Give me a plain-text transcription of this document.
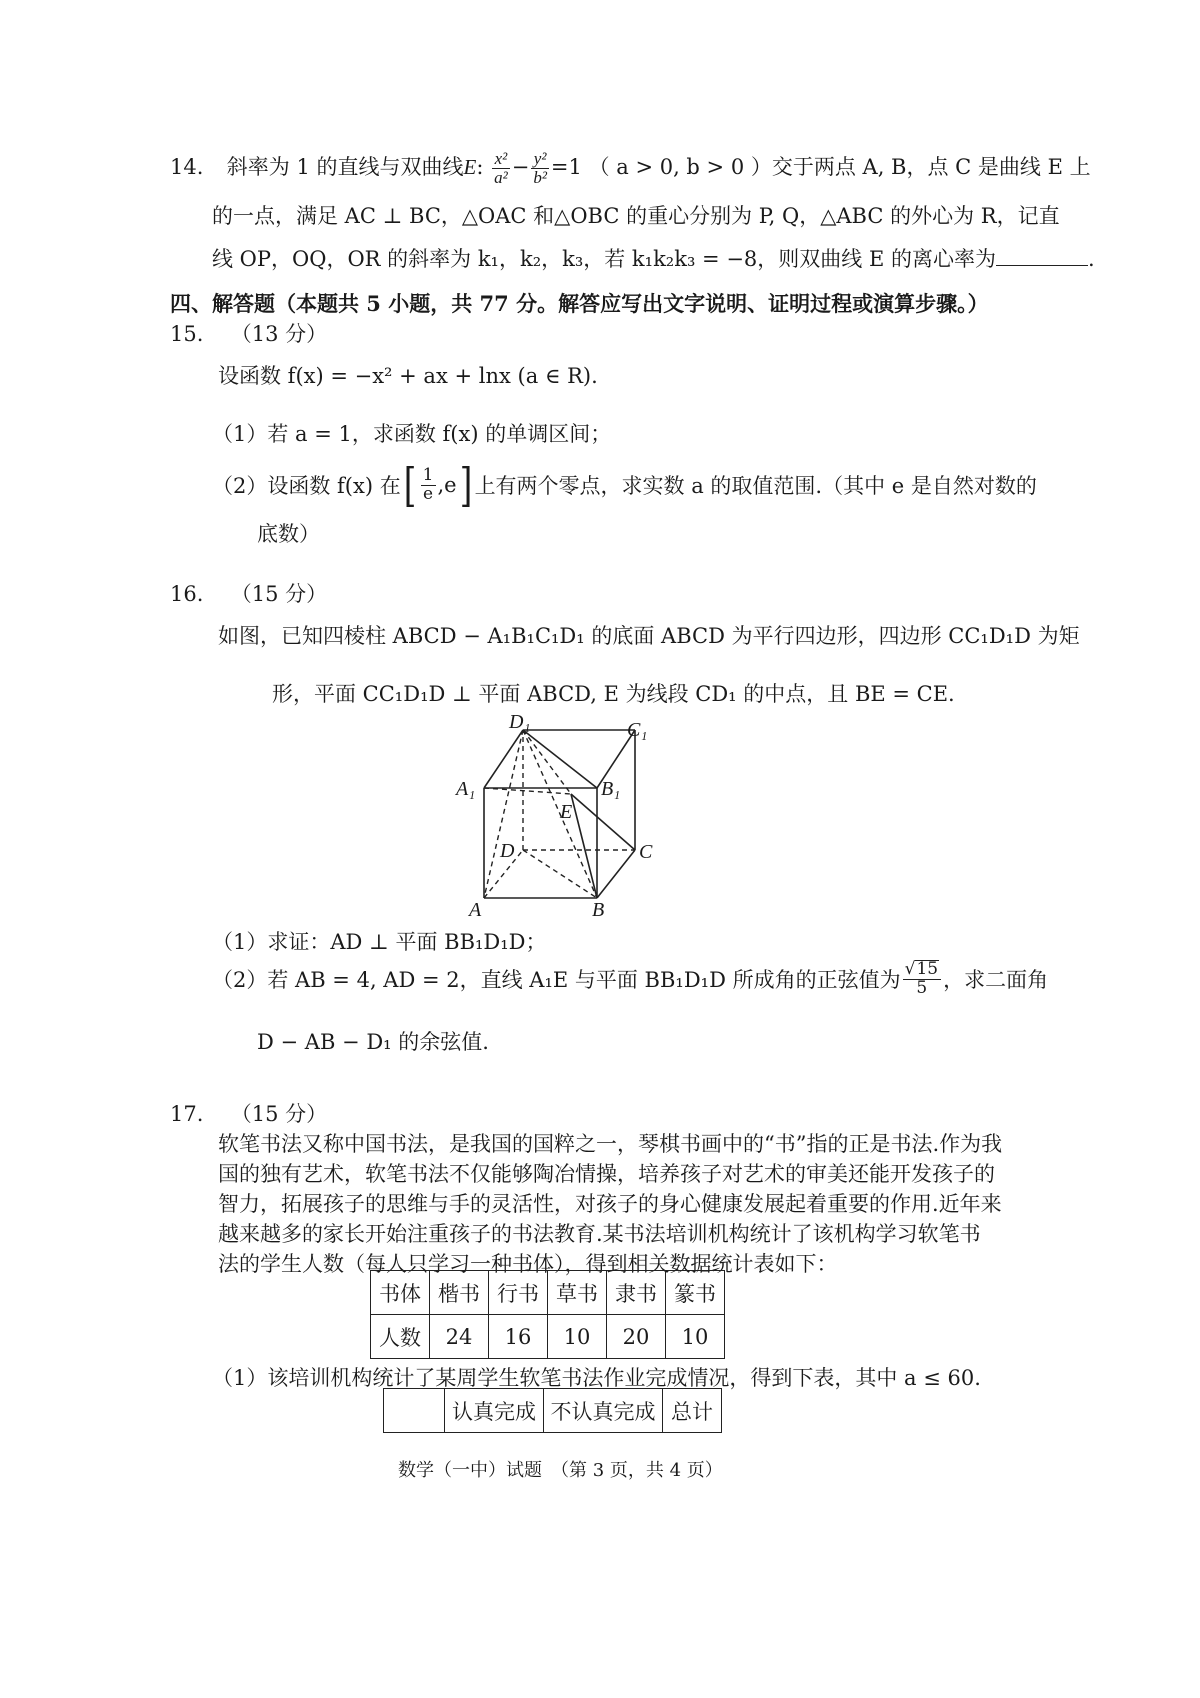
14. 斜率为 1 的直线与双曲线E: $\frac{\text{x²}}{\text{a²}} - \frac{\text{y²}}{\text{b²}} =1$ （ a > 0, b > 0 ）交于两点 A, B，点 C 是曲线 E 上
的一点，满足 AC ⊥ BC，△OAC 和△OBC 的重心分别为 P, Q，△ABC 的外心为 R，记直
线 OP，OQ，OR 的斜率为 k₁，k₂，k₃，若 k₁k₂k₃ = −8，则双曲线 E 的离心率为	.
四、解答题（本题共 5 小题，共 77 分。解答应写出文字说明、证明过程或演算步骤。）
15. （13 分）
设函数 f(x) = −x² + ax + lnx (a ∈ R).
（1）若 a = 1，求函数 f(x) 的单调区间；
（2）设函数 f(x) 在[ $\frac{1}{e} ,e$] 上有两个零点，求实数 a 的取值范围.（其中 e 是自然对数的
底数）
16. （15 分）
如图，已知四棱柱 ABCD − A₁B₁C₁D₁ 的底面 ABCD 为平行四边形，四边形 CC₁D₁D 为矩
形，平面 CC₁D₁D ⊥ 平面 ABCD, E 为线段 CD₁ 的中点，且 BE = CE.
D₁	C₁
A₁	B₁
E
D	C
A	B
（1）求证：AD ⊥ 平面 BB₁D₁D；
（2）若 AB = 4, AD = 2，直线 A₁E 与平面 BB₁D₁D 所成角的正弦值为 $\frac{√15}{5}$ ，求二面角
D − AB − D₁ 的余弦值.
17. （15 分）
软笔书法又称中国书法，是我国的国粹之一，琴棋书画中的“书”指的正是书法.作为我
国的独有艺术，软笔书法不仅能够陶冶情操，培养孩子对艺术的审美还能开发孩子的
智力，拓展孩子的思维与手的灵活性，对孩子的身心健康发展起着重要的作用.近年来
越来越多的家长开始注重孩子的书法教育.某书法培训机构统计了该机构学习软笔书
法的学生人数（每人只学习一种书体），得到相关数据统计表如下：
书体	楷书	行书	草书	隶书	篆书
人数	24	16	10	20	10
（1）该培训机构统计了某周学生软笔书法作业完成情况，得到下表，其中 a ≤ 60.
	认真完成	不认真完成	总计
数学（一中）试题　（第 3 页，共 4 页）
